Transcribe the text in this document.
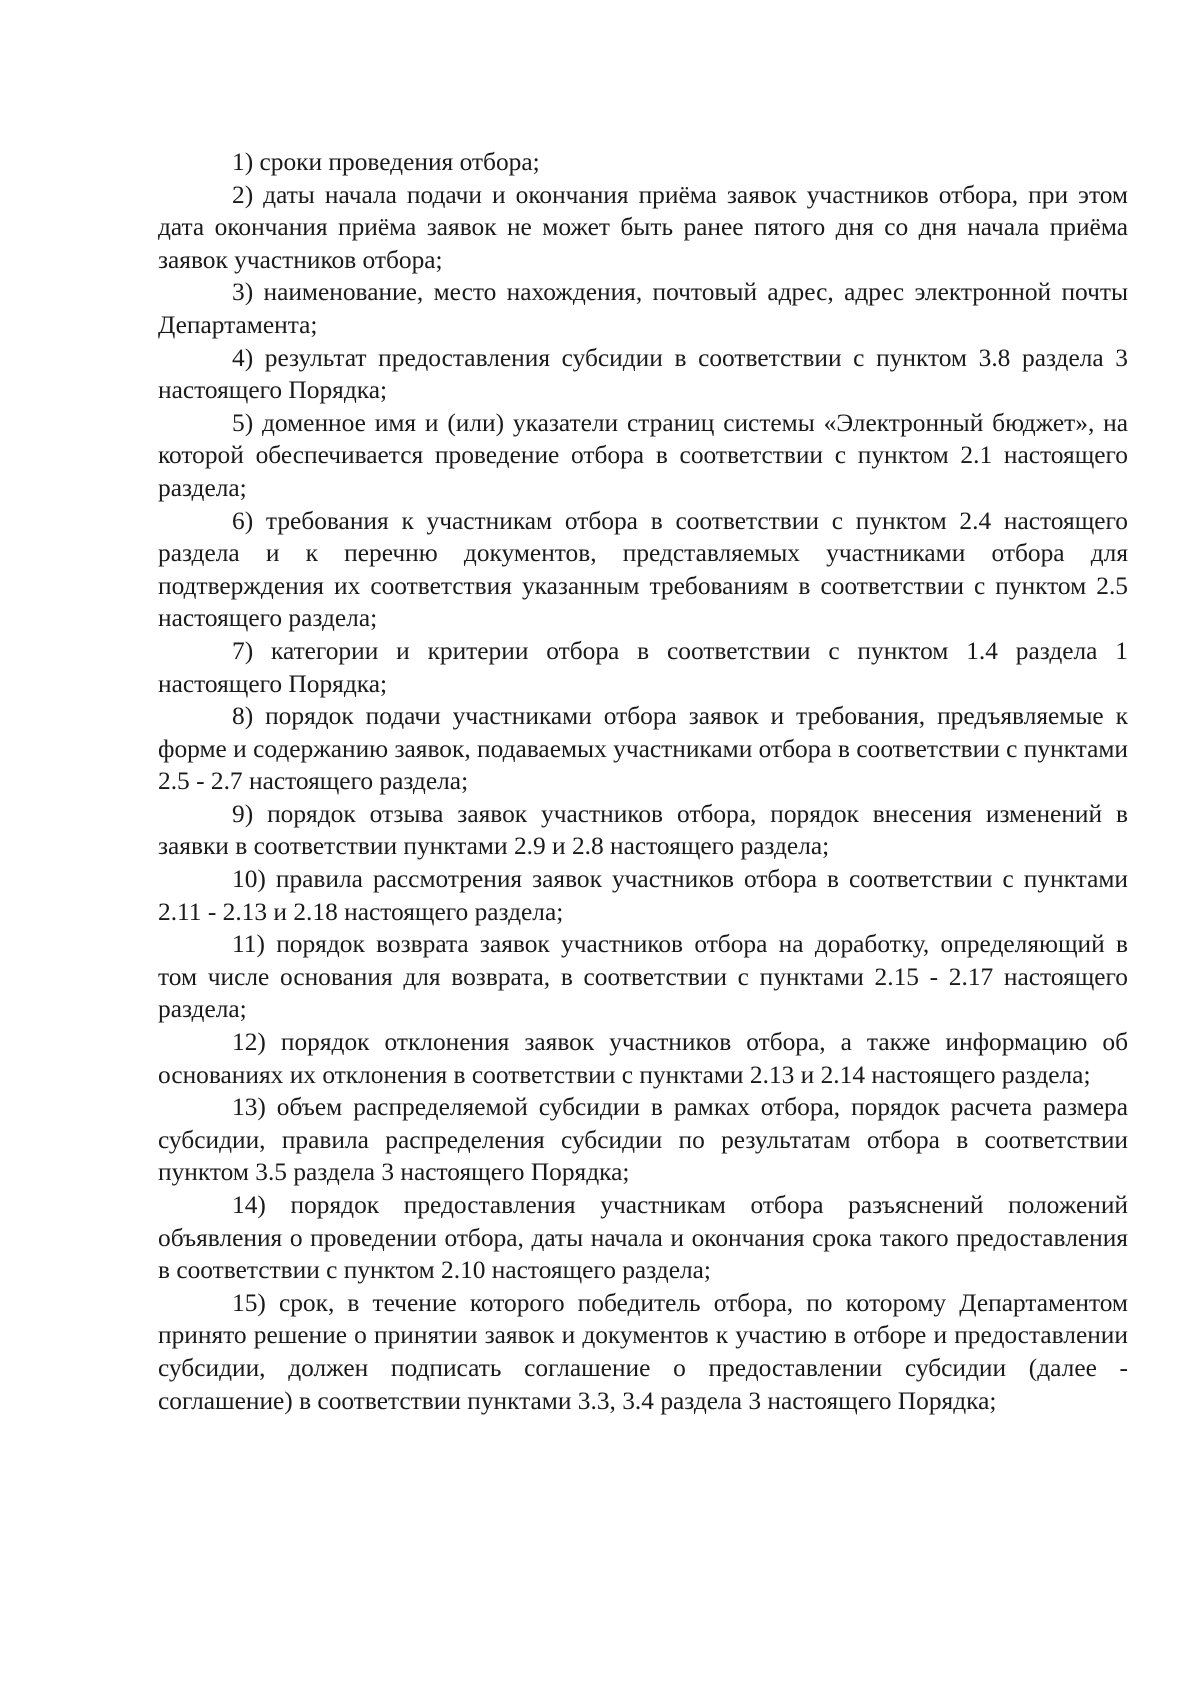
1) сроки проведения отбора;

2) даты начала подачи и окончания приёма заявок участников отбора, при этом дата окончания приёма заявок не может быть ранее пятого дня со дня начала приёма заявок участников отбора;

3) наименование, место нахождения, почтовый адрес, адрес электронной почты Департамента;

4) результат предоставления субсидии в соответствии с пунктом 3.8 раздела 3 настоящего Порядка;

5) доменное имя и (или) указатели страниц системы «Электронный бюджет», на которой обеспечивается проведение отбора в соответствии с пунктом 2.1 настоящего раздела;

6) требования к участникам отбора в соответствии с пунктом 2.4 настоящего раздела и к перечню документов, представляемых участниками отбора для подтверждения их соответствия указанным требованиям в соответствии с пунктом 2.5 настоящего раздела;

7) категории и критерии отбора в соответствии с пунктом 1.4 раздела 1 настоящего Порядка;

8) порядок подачи участниками отбора заявок и требования, предъявляемые к форме и содержанию заявок, подаваемых участниками отбора в соответствии с пунктами 2.5 - 2.7 настоящего раздела;

9) порядок отзыва заявок участников отбора, порядок внесения изменений в заявки в соответствии пунктами 2.9 и 2.8 настоящего раздела;

10) правила рассмотрения заявок участников отбора в соответствии с пунктами 2.11 - 2.13 и 2.18 настоящего раздела;

11) порядок возврата заявок участников отбора на доработку, определяющий в том числе основания для возврата, в соответствии с пунктами 2.15 - 2.17 настоящего раздела;

12) порядок отклонения заявок участников отбора, а также информацию об основаниях их отклонения в соответствии с пунктами 2.13 и 2.14 настоящего раздела;

13) объем распределяемой субсидии в рамках отбора, порядок расчета размера субсидии, правила распределения субсидии по результатам отбора в соответствии пунктом 3.5 раздела 3 настоящего Порядка;

14) порядок предоставления участникам отбора разъяснений положений объявления о проведении отбора, даты начала и окончания срока такого предоставления в соответствии с пунктом 2.10 настоящего раздела;

15) срок, в течение которого победитель отбора, по которому Департаментом принято решение о принятии заявок и документов к участию в отборе и предоставлении субсидии, должен подписать соглашение о предоставлении субсидии (далее - соглашение) в соответствии пунктами 3.3, 3.4 раздела 3 настоящего Порядка;
